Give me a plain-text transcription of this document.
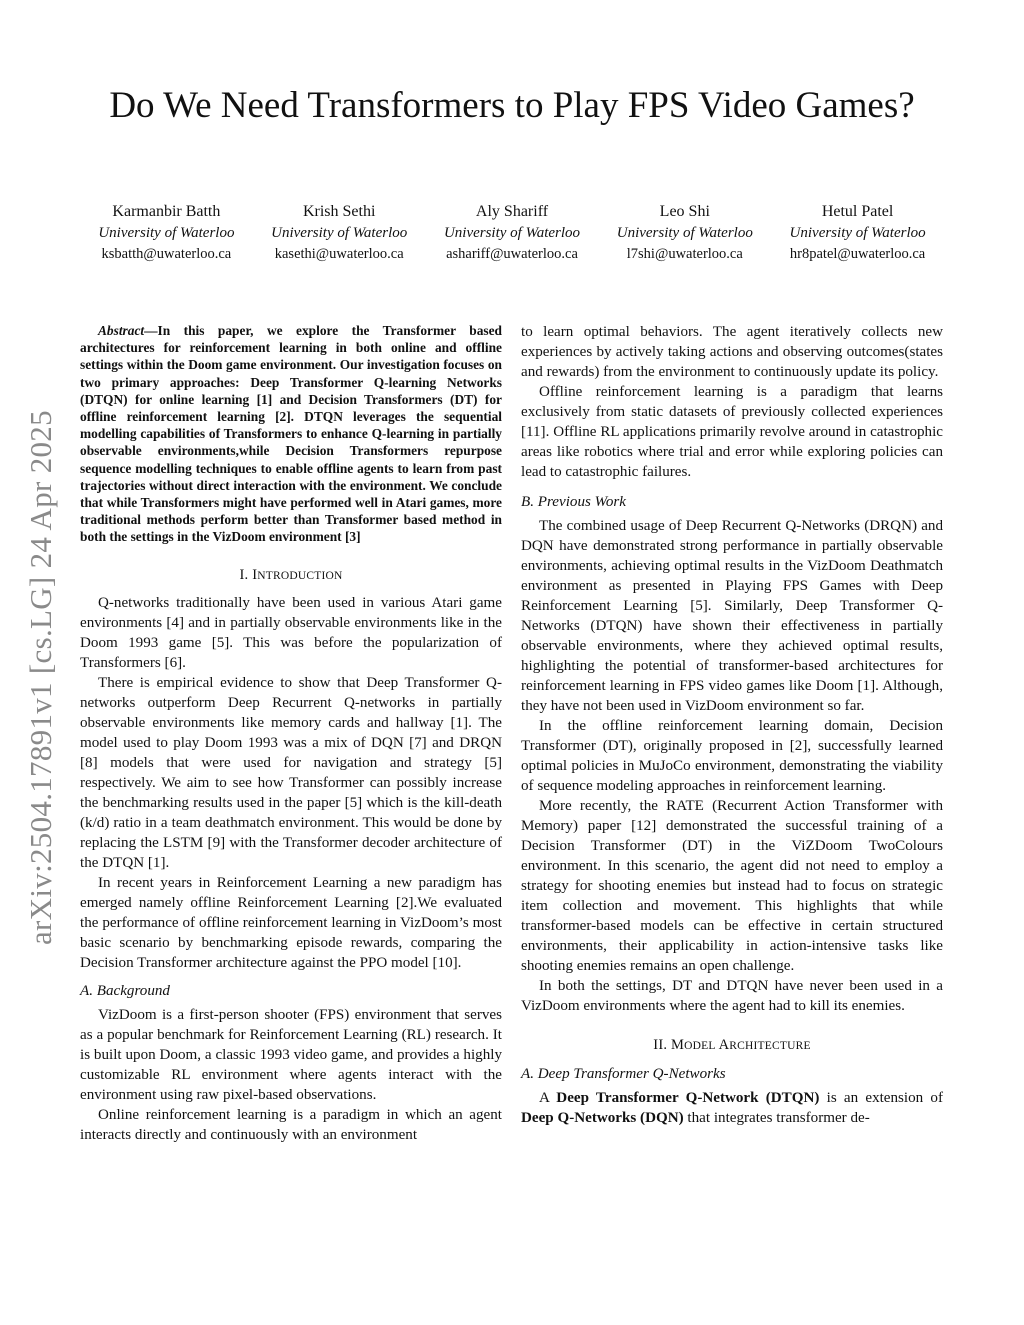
arXiv:2504.17891v1 [cs.LG] 24 Apr 2025
Do We Need Transformers to Play FPS Video Games?
Karmanbir Batth
University of Waterloo
ksbatth@uwaterloo.ca
Krish Sethi
University of Waterloo
kasethi@uwaterloo.ca
Aly Shariff
University of Waterloo
ashariff@uwaterloo.ca
Leo Shi
University of Waterloo
l7shi@uwaterloo.ca
Hetul Patel
University of Waterloo
hr8patel@uwaterloo.ca

Abstract—In this paper, we explore the Transformer based architectures for reinforcement learning in both online and offline settings within the Doom game environment. Our investigation focuses on two primary approaches: Deep Transformer Q-learning Networks (DTQN) for online learning [1] and Decision Transformers (DT) for offline reinforcement learning [2]. DTQN leverages the sequential modelling capabilities of Transformers to enhance Q-learning in partially observable environments,while Decision Transformers repurpose sequence modelling techniques to enable offline agents to learn from past trajectories without direct interaction with the environment. We conclude that while Transformers might have performed well in Atari games, more traditional methods perform better than Transformer based method in both the settings in the VizDoom environment [3]

I. INTRODUCTION

Q-networks traditionally have been used in various Atari game environments [4] and in partially observable environments like in the Doom 1993 game [5]. This was before the popularization of Transformers [6].

There is empirical evidence to show that Deep Transformer Q-networks outperform Deep Recurrent Q-networks in partially observable environments like memory cards and hallway [1]. The model used to play Doom 1993 was a mix of DQN [7] and DRQN [8] models that were used for navigation and strategy [5] respectively. We aim to see how Transformer can possibly increase the benchmarking results used in the paper [5] which is the kill-death (k/d) ratio in a team deathmatch environment. This would be done by replacing the LSTM [9] with the Transformer decoder architecture of the DTQN [1].

In recent years in Reinforcement Learning a new paradigm has emerged namely offline Reinforcement Learning [2].We evaluated the performance of offline reinforcement learning in VizDoom’s most basic scenario by benchmarking episode rewards, comparing the Decision Transformer architecture against the PPO model [10].

A. Background

VizDoom is a first-person shooter (FPS) environment that serves as a popular benchmark for Reinforcement Learning (RL) research. It is built upon Doom, a classic 1993 video game, and provides a highly customizable RL environment where agents interact with the environment using raw pixel-based observations.

Online reinforcement learning is a paradigm in which an agent interacts directly and continuously with an environment

to learn optimal behaviors. The agent iteratively collects new experiences by actively taking actions and observing outcomes(states and rewards) from the environment to continuously update its policy.

Offline reinforcement learning is a paradigm that learns exclusively from static datasets of previously collected experiences [11]. Offline RL applications primarily revolve around in catastrophic areas like robotics where trial and error while exploring policies can lead to catastrophic failures.

B. Previous Work

The combined usage of Deep Recurrent Q-Networks (DRQN) and DQN have demonstrated strong performance in partially observable environments, achieving optimal results in the VizDoom Deathmatch environment as presented in Playing FPS Games with Deep Reinforcement Learning [5]. Similarly, Deep Transformer Q-Networks (DTQN) have shown their effectiveness in partially observable environments, where they achieved optimal results, highlighting the potential of transformer-based architectures for reinforcement learning in FPS video games like Doom [1]. Although, they have not been used in VizDoom environment so far.

In the offline reinforcement learning domain, Decision Transformer (DT), originally proposed in [2], successfully learned optimal policies in MuJoCo environment, demonstrating the viability of sequence modeling approaches in reinforcement learning.

More recently, the RATE (Recurrent Action Transformer with Memory) paper [12] demonstrated the successful training of a Decision Transformer (DT) in the ViZDoom TwoColours environment. In this scenario, the agent did not need to employ a strategy for shooting enemies but instead had to focus on strategic item collection and movement. This highlights that while transformer-based models can be effective in certain structured environments, their applicability in action-intensive tasks like shooting enemies remains an open challenge.

In both the settings, DT and DTQN have never been used in a VizDoom environments where the agent had to kill its enemies.

II. MODEL ARCHITECTURE
A. Deep Transformer Q-Networks

A Deep Transformer Q-Network (DTQN) is an extension of Deep Q-Networks (DQN) that integrates transformer de-
